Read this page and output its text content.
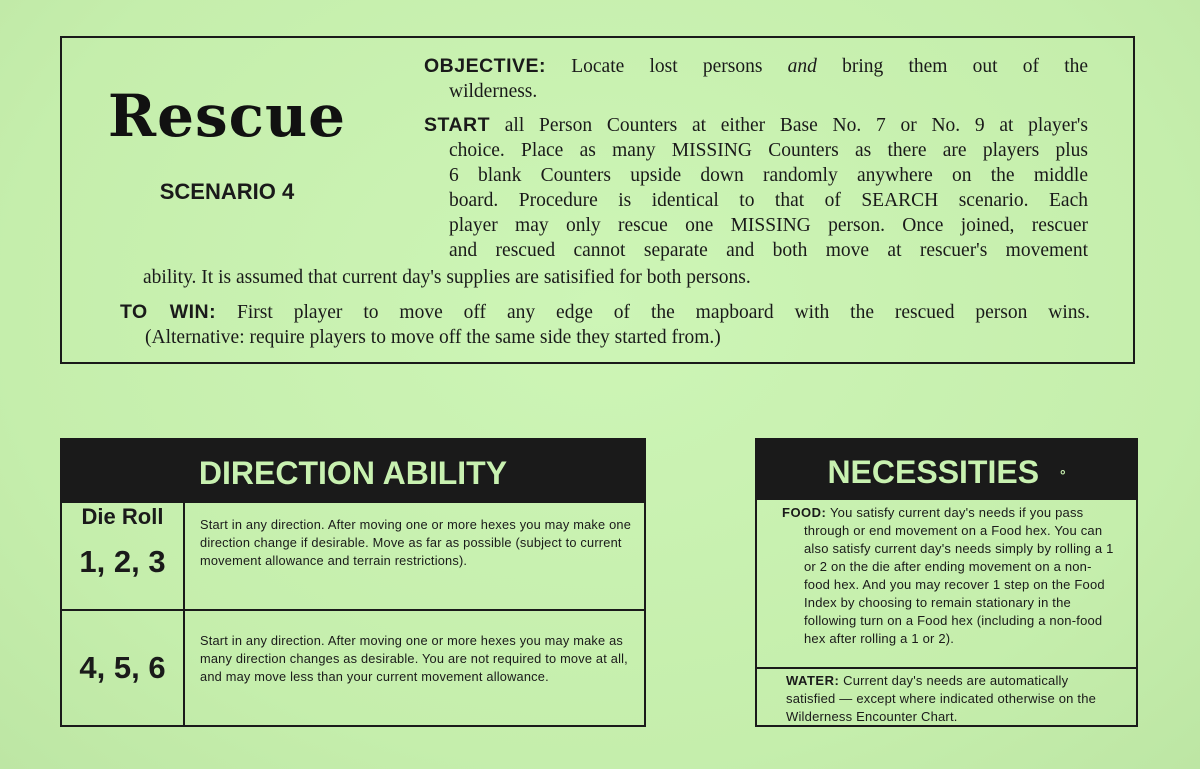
Rescue
SCENARIO 4
OBJECTIVE: Locate lost persons and bring them out of the
wilderness.
START all Person Counters at either Base No. 7 or No. 9 at player's
choice. Place as many MISSING Counters as there are players plus
6 blank Counters upside down randomly anywhere on the middle
board. Procedure is identical to that of SEARCH scenario. Each
player may only rescue one MISSING person. Once joined, rescuer
and rescued cannot separate and both move at rescuer's movement
ability. It is assumed that current day's supplies are satisified for both persons.
TO WIN: First player to move off any edge of the mapboard with the rescued person wins.
(Alternative: require players to move off the same side they started from.)
DIRECTION ABILITY
Die Roll
1, 2, 3
Start in any direction. After moving one or more hexes you may make one direction change if desirable. Move as far as possible (subject to current movement allowance and terrain restrictions).
4, 5, 6
Start in any direction. After moving one or more hexes you may make as many direction changes as desirable. You are not required to move at all, and may move less than your current movement allowance.
NECESSITIES °
FOOD: You satisfy current day's needs if you pass through or end movement on a Food hex. You can also satisfy current day's needs simply by rolling a 1 or 2 on the die after ending movement on a non-food hex. And you may recover 1 step on the Food Index by choosing to remain stationary in the following turn on a Food hex (including a non-food hex after rolling a 1 or 2).
WATER: Current day's needs are automatically satisfied — except where indicated otherwise on the Wilderness Encounter Chart.
